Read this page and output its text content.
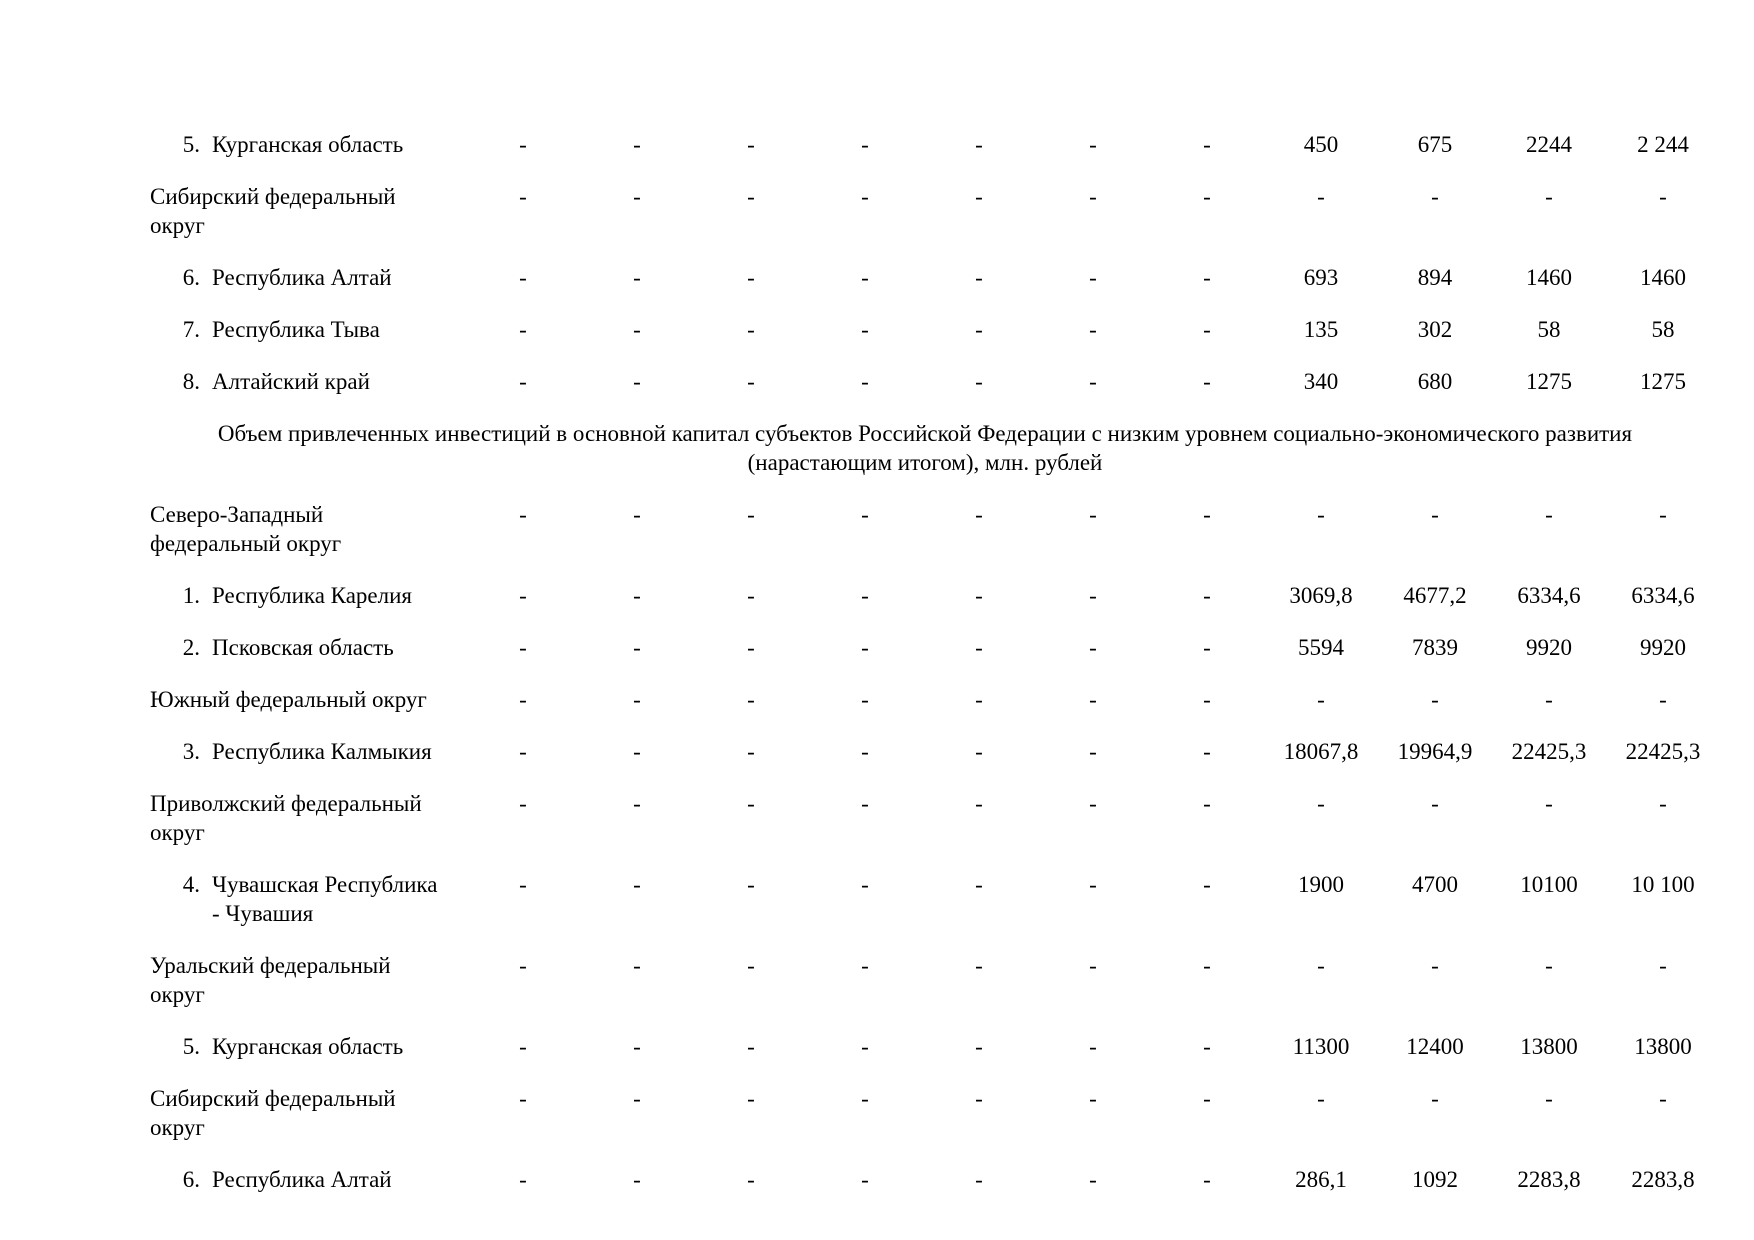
5. Курганская область	-	-	-	-	-	-	-	450	675	2244	2 244
Сибирский федеральный
округ
-	-	-	-	-	-	-	-	-	-	-
6. Республика Алтай	-	-	-	-	-	-	-	693	894	1460	1460
7. Республика Тыва	-	-	-	-	-	-	-	135	302	58	58
8. Алтайский край	-	-	-	-	-	-	-	340	680	1275	1275
Объем привлеченных инвестиций в основной капитал субъектов Российской Федерации с низким уровнем социально-экономического развития
(нарастающим итогом), млн. рублей
Северо-Западный
федеральный округ
-	-	-	-	-	-	-	-	-	-	-
1. Республика Карелия	-	-	-	-	-	-	-	3069,8	4677,2	6334,6	6334,6
2. Псковская область	-	-	-	-	-	-	-	5594	7839	9920	9920
Южный федеральный округ	-	-	-	-	-	-	-	-	-	-	-
3. Республика Калмыкия	-	-	-	-	-	-	-	18067,8	19964,9	22425,3	22425,3
Приволжский федеральный
округ
-	-	-	-	-	-	-	-	-	-	-
4. Чувашская Республика
- Чувашия
-	-	-	-	-	-	-	1900	4700	10100	10 100
Уральский федеральный
округ
-	-	-	-	-	-	-	-	-	-	-
5. Курганская область	-	-	-	-	-	-	-	11300	12400	13800	13800
Сибирский федеральный
округ
-	-	-	-	-	-	-	-	-	-	-
6. Республика Алтай	-	-	-	-	-	-	-	286,1	1092	2283,8	2283,8
